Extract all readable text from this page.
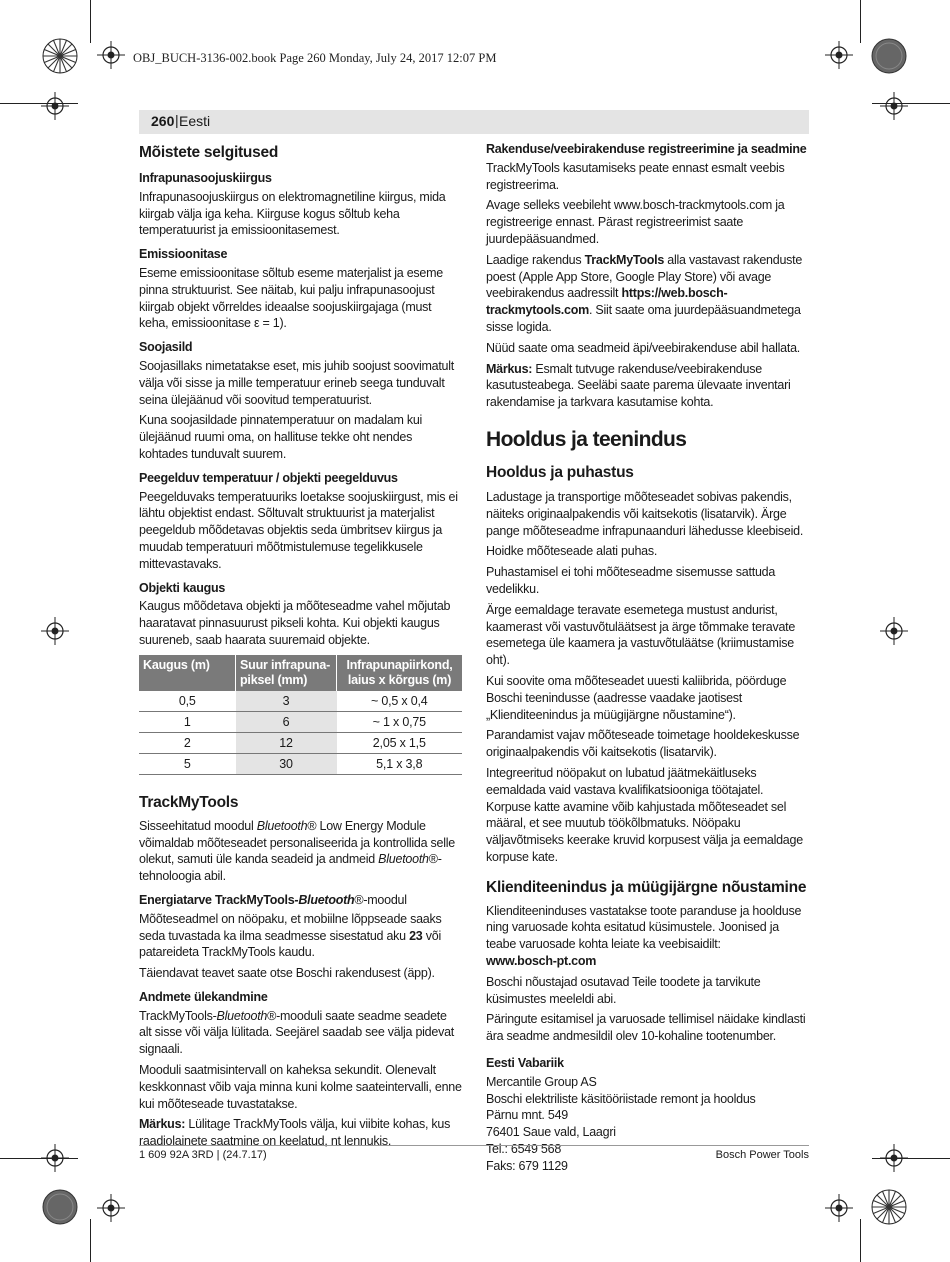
OBJ_BUCH-3136-002.book Page 260 Monday, July 24, 2017 12:07 PM
260 | Eesti
Mõistete selgitused
Infrapunasoojuskiirgus

Infrapunasoojuskiirgus on elektromagnetiline kiirgus, mida kiirgab välja iga keha. Kiirguse kogus sõltub keha temperatuurist ja emissioonitasemest.

Emissioonitase

Eseme emissioonitase sõltub eseme materjalist ja eseme pinna struktuurist. See näitab, kui palju infrapunasoojust kiirgab objekt võrreldes ideaalse soojuskiirgajaga (must keha, emissioonitase ε = 1).

Soojasild

Soojasillaks nimetatakse eset, mis juhib soojust soovimatult välja või sisse ja mille temperatuur erineb seega tunduvalt seina ülejäänud või soovitud temperatuurist.

Kuna soojasildade pinnatemperatuur on madalam kui ülejäänud ruumi oma, on hallituse tekke oht nendes kohtades tunduvalt suurem.

Peegelduv temperatuur / objekti peegelduvus

Peegelduvaks temperatuuriks loetakse soojuskiirgust, mis ei lähtu objektist endast. Sõltuvalt struktuurist ja materjalist peegeldub mõõdetavas objektis seda ümbritsev kiirgus ja muudab temperatuuri mõõtmistulemuse tegelikkusele mittevastavaks.

Objekti kaugus

Kaugus mõõdetava objekti ja mõõteseadme vahel mõjutab haaratavat pinnasuurust pikseli kohta. Kui objekti kaugus suureneb, saab haarata suuremaid objekte.

Kaugus (m)	Suur infrapuna-piksel (mm)	Infrapunapiirkond, laius x kõrgus (m)
0,5	3	~ 0,5 x 0,4
1	6	~ 1 x 0,75
2	12	2,05 x 1,5
5	30	5,1 x 3,8
TrackMyTools

Sisseehitatud moodul Bluetooth® Low Energy Module võimaldab mõõteseadet personaliseerida ja kontrollida selle olekut, samuti üle kanda seadeid ja andmeid Bluetooth®-tehnoloogia abil.

Energiatarve TrackMyTools-Bluetooth®-moodul

Mõõteseadmel on nööpaku, et mobiilne lõppseade saaks seda tuvastada ka ilma seadmesse sisestatud aku 23 või patareideta TrackMyTools kaudu.

Täiendavat teavet saate otse Boschi rakendusest (äpp).

Andmete ülekandmine

TrackMyTools-Bluetooth®-mooduli saate seadme seadete alt sisse või välja lülitada. Seejärel saadab see välja pidevat signaali.

Mooduli saatmisintervall on kaheksa sekundit. Olenevalt keskkonnast võib vaja minna kuni kolme saateintervalli, enne kui mõõteseade tuvastatakse.

Märkus: Lülitage TrackMyTools välja, kui viibite kohas, kus raadiolainete saatmine on keelatud, nt lennukis.

Rakenduse/veebirakenduse registreerimine ja seadmine

TrackMyTools kasutamiseks peate ennast esmalt veebis registreerima.

Avage selleks veebileht www.bosch-trackmytools.com ja registreerige ennast. Pärast registreerimist saate juurdepääsuandmed.

Laadige rakendus TrackMyTools alla vastavast rakenduste poest (Apple App Store, Google Play Store) või avage veebirakendus aadressilt https://web.bosch-trackmytools.com. Siit saate oma juurdepääsuandmetega sisse logida.

Nüüd saate oma seadmeid äpi/veebirakenduse abil hallata.

Märkus: Esmalt tutvuge rakenduse/veebirakenduse kasutusteabega. Seeläbi saate parema ülevaate inventari rakendamise ja tarkvara kasutamise kohta.

Hooldus ja teenindus
Hooldus ja puhastus

Ladustage ja transportige mõõteseadet sobivas pakendis, näiteks originaalpakendis või kaitsekotis (lisatarvik). Ärge pange mõõteseadme infrapunaanduri lähedusse kleebiseid.

Hoidke mõõteseade alati puhas.

Puhastamisel ei tohi mõõteseadme sisemusse sattuda vedelikku.

Ärge eemaldage teravate esemetega mustust andurist, kaamerast või vastuvõtuläätsest ja ärge tõmmake teravate esemetega üle kaamera ja vastuvõtuläätse (kriimustamise oht).

Kui soovite oma mõõteseadet uuesti kaliibrida, pöörduge Boschi teenindusse (aadresse vaadake jaotisest „Klienditeenindus ja müügijärgne nõustamine“).

Parandamist vajav mõõteseade toimetage hooldekeskusse originaalpakendis või kaitsekotis (lisatarvik).

Integreeritud nööpakut on lubatud jäätmekäitluseks eemaldada vaid vastava kvalifikatsiooniga töötajatel. Korpuse katte avamine võib kahjustada mõõteseadet sel määral, et see muutub töökõlbmatuks. Nööpaku väljavõtmiseks keerake kruvid korpusest välja ja eemaldage korpuse kate.

Klienditeenindus ja müügijärgne nõustamine

Klienditeeninduses vastatakse toote paranduse ja hoolduse ning varuosade kohta esitatud küsimustele. Joonised ja teabe varuosade kohta leiate ka veebisaidilt:

www.bosch-pt.com

Boschi nõustajad osutavad Teile toodete ja tarvikute küsimustes meeleldi abi.

Päringute esitamisel ja varuosade tellimisel näidake kindlasti ära seadme andmesildil olev 10-kohaline tootenumber.

Eesti Vabariik
Mercantile Group AS
Boschi elektriliste käsitööriistade remont ja hooldus
Pärnu mnt. 549
76401 Saue vald, Laagri
Tel.: 6549 568
Faks: 679 1129
1 609 92A 3RD | (24.7.17)	Bosch Power Tools
